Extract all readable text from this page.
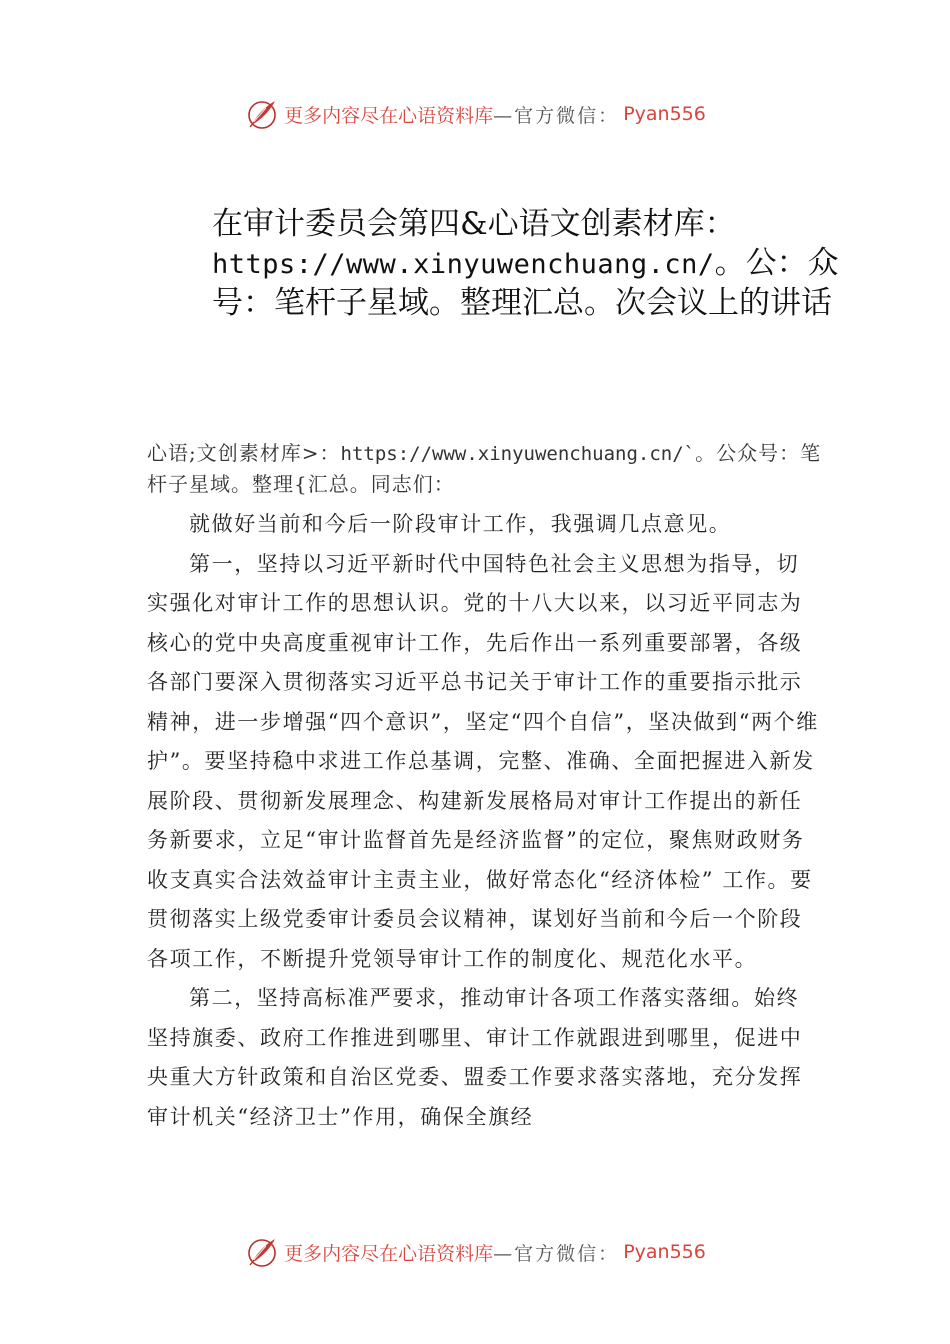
更多内容尽在心语资料库 —官方微信： Pyan556
在审计委员会第四&心语文创素材库：https://www.xinyuwenchuang.cn/。公：众号：笔杆子星域。整理汇总。次会议上的讲话
心语;文创素材库>：https://www.xinyuwenchuang.cn/`。公众号：笔杆子星域。整理{汇总。同志们：

就做好当前和今后一阶段审计工作，我强调几点意见。

第一，坚持以习近平新时代中国特色社会主义思想为指导，切实强化对审计工作的思想认识。党的十八大以来，以习近平同志为核心的党中央高度重视审计工作，先后作出一系列重要部署，各级各部门要深入贯彻落实习近平总书记关于审计工作的重要指示批示精神，进一步增强“四个意识”，坚定“四个自信”，坚决做到“两个维护”。要坚持稳中求进工作总基调，完整、准确、全面把握进入新发展阶段、贯彻新发展理念、构建新发展格局对审计工作提出的新任务新要求，立足“审计监督首先是经济监督”的定位，聚焦财政财务收支真实合法效益审计主责主业，做好常态化“经济体检” 工作。要贯彻落实上级党委审计委员会议精神，谋划好当前和今后一个阶段各项工作，不断提升党领导审计工作的制度化、规范化水平。

第二，坚持高标准严要求，推动审计各项工作落实落细。始终坚持旗委、政府工作推进到哪里、审计工作就跟进到哪里，促进中央重大方针政策和自治区党委、盟委工作要求落实落地，充分发挥审计机关“经济卫士”作用，确保全旗经

更多内容尽在心语资料库 —官方微信： Pyan556
